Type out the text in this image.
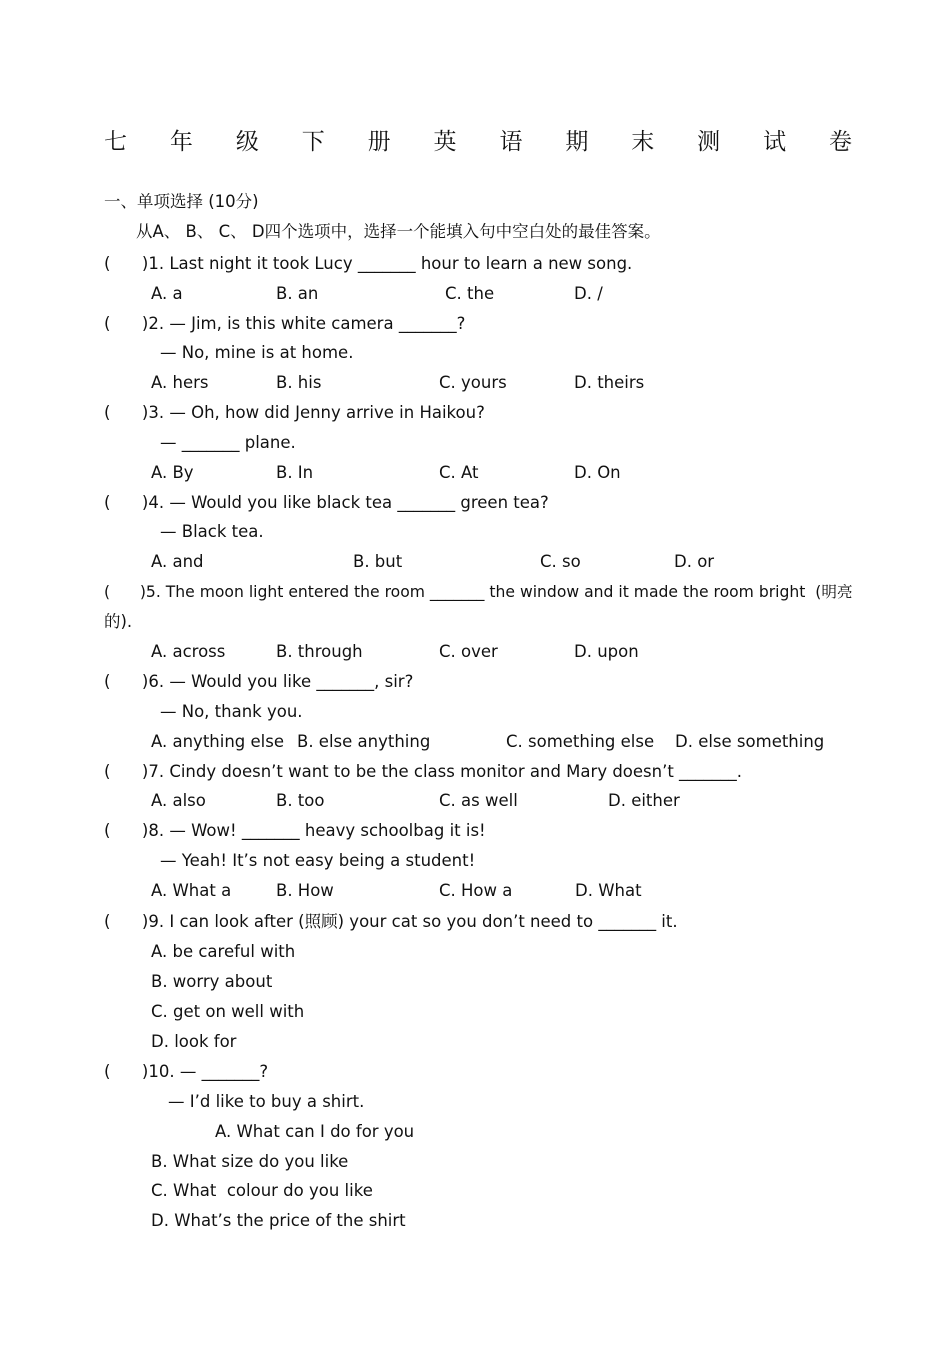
七 年 级 下 册 英 语 期 末 测 试 卷
一、单项选择 (10分)
从A、 B、 C、 D四个选项中，选择一个能填入句中空白处的最佳答案。
(      )1. Last night it took Lucy _______ hour to learn a new song.
A. a	B. an	C. the	D. /
(      )2. — Jim, is this white camera _______?
— No, mine is at home.
A. hers	B. his	C. yours	D. theirs
(      )3. — Oh, how did Jenny arrive in Haikou?
— _______ plane.
A. By	B. In	C. At	D. On
(      )4. — Would you like black tea _______ green tea?
— Black tea.
A. and	B. but	C. so	D. or
(      )5. The moon light entered the room _______ the window and it made the room bright  (明亮
的).
A. across	B. through	C. over	D. upon
(      )6. — Would you like _______, sir?
— No, thank you.
A. anything else B. else anything	C. something else D. else something
(      )7. Cindy doesn’t want to be the class monitor and Mary doesn’t _______.
A. also	B. too	C. as well	D. either
(      )8. — Wow! _______ heavy schoolbag it is!
— Yeah! It’s not easy being a student!
A. What a	B. How	C. How a	D. What
(      )9. I can look after (照顾) your cat so you don’t need to _______ it.
A. be careful with
B. worry about
C. get on well with
D. look for
(      )10. — _______?
— I’d like to buy a shirt.
A. What can I do for you
B. What size do you like
C. What  colour do you like
D. What’s the price of the shirt
